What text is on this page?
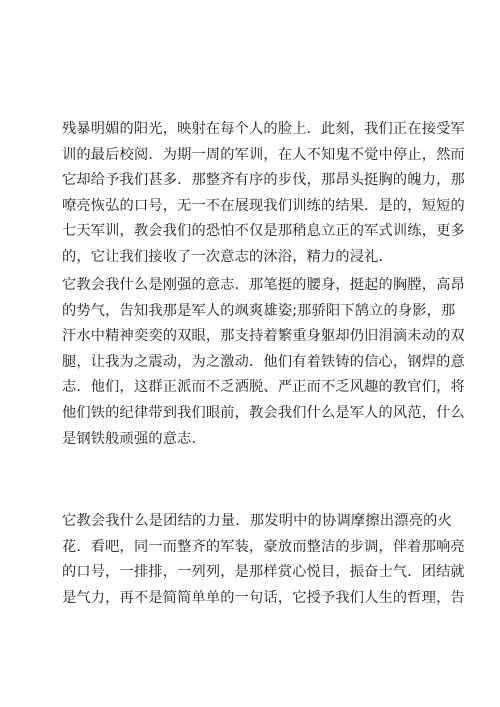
残暴明媚的阳光，映射在每个人的脸上．此刻，我们正在接受军
训的最后校阅．为期一周的军训，在人不知鬼不觉中停止，然而
它却给予我们甚多．那整齐有序的步伐，那昂头挺胸的魄力，那
嘹亮恢弘的口号，无一不在展现我们训练的结果．是的，短短的
七天军训，教会我们的恐怕不仅是那稍息立正的军式训练，更多
的，它让我们接收了一次意志的沐浴，精力的浸礼．

它教会我什么是刚强的意志．那笔挺的腰身，挺起的胸膛，高昂
的势气，告知我那是军人的飒爽雄姿;那骄阳下鹄立的身影，那
汗水中精神奕奕的双眼，那支持着繁重身躯却仍旧涓滴未动的双
腿，让我为之震动，为之激动．他们有着铁铸的信心，钢焊的意
志．他们，这群正派而不乏洒脱、严正而不乏风趣的教官们，将
他们铁的纪律带到我们眼前，教会我们什么是军人的风范，什么
是钢铁般顽强的意志．

它教会我什么是团结的力量．那发明中的协调摩擦出漂亮的火
花．看吧，同一而整齐的军装，豪放而整洁的步调，伴着那响亮
的口号，一排排，一列列，是那样赏心悦目，振奋士气．团结就
是气力，再不是简简单单的一句话，它授予我们人生的哲理，告
